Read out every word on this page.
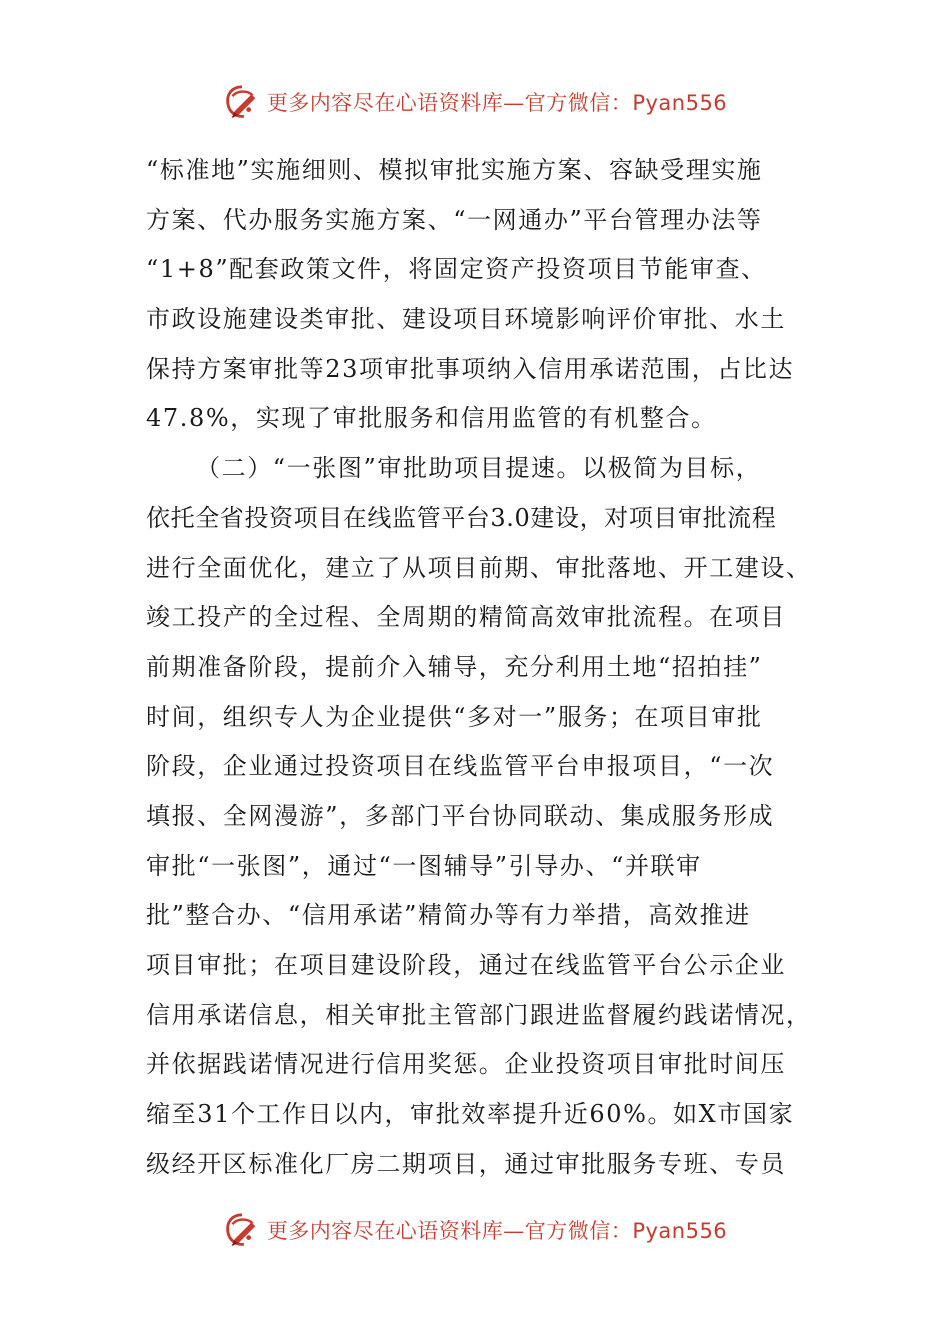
更多内容尽在心语资料库—官方微信：Pyan556
“标准地”实施细则、模拟审批实施方案、容缺受理实施
方案、代办服务实施方案、“一网通办”平台管理办法等
“1+8”配套政策文件，将固定资产投资项目节能审查、
市政设施建设类审批、建设项目环境影响评价审批、水土
保持方案审批等23项审批事项纳入信用承诺范围，占比达
47.8%，实现了审批服务和信用监管的有机整合。
（二）“一张图”审批助项目提速。以极简为目标，
依托全省投资项目在线监管平台3.0建设，对项目审批流程
进行全面优化，建立了从项目前期、审批落地、开工建设、
竣工投产的全过程、全周期的精简高效审批流程。在项目
前期准备阶段，提前介入辅导，充分利用土地“招拍挂”
时间，组织专人为企业提供“多对一”服务；在项目审批
阶段，企业通过投资项目在线监管平台申报项目，“一次
填报、全网漫游”，多部门平台协同联动、集成服务形成
审批“一张图”，通过“一图辅导”引导办、“并联审
批”整合办、“信用承诺”精简办等有力举措，高效推进
项目审批；在项目建设阶段，通过在线监管平台公示企业
信用承诺信息，相关审批主管部门跟进监督履约践诺情况，
并依据践诺情况进行信用奖惩。企业投资项目审批时间压
缩至31个工作日以内，审批效率提升近60%。如X市国家
级经开区标准化厂房二期项目，通过审批服务专班、专员
更多内容尽在心语资料库—官方微信：Pyan556
